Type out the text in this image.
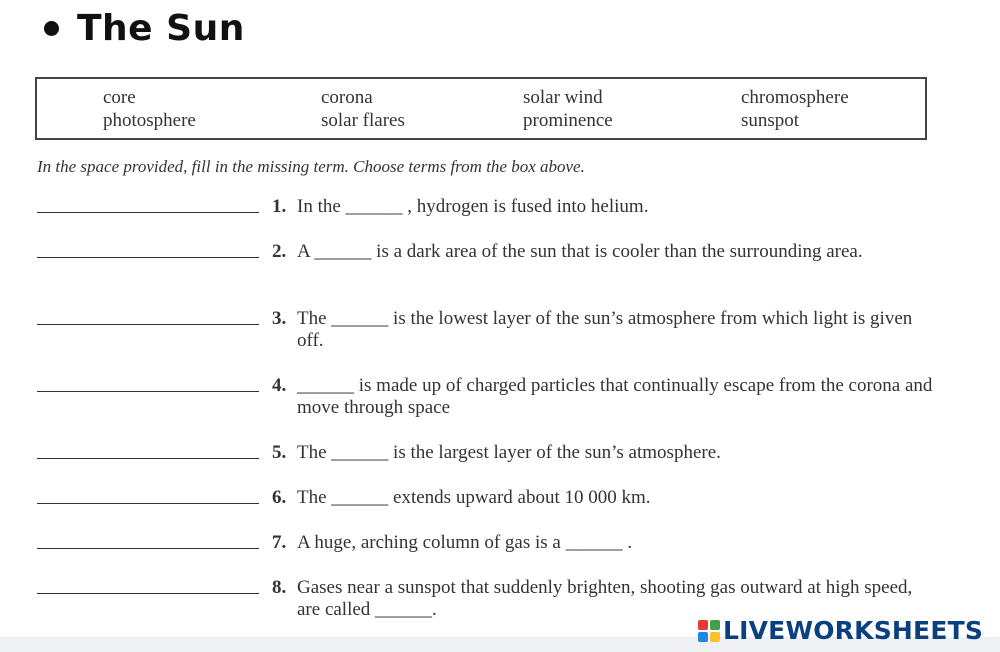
The Sun
core	corona	solar wind	chromosphere
photosphere	solar flares	prominence	sunspot
In the space provided, fill in the missing term. Choose terms from the box above.
1. In the ______ , hydrogen is fused into helium.
2. A ______ is a dark area of the sun that is cooler than the surrounding area.
3. The ______ is the lowest layer of the sun’s atmosphere from which light is given off.
4. ______ is made up of charged particles that continually escape from the corona and move through space
5. The ______ is the largest layer of the sun’s atmosphere.
6. The ______ extends upward about 10 000 km.
7. A huge, arching column of gas is a ______ .
8. Gases near a sunspot that suddenly brighten, shooting gas outward at high speed, are called ______.
LIVEWORKSHEETS
